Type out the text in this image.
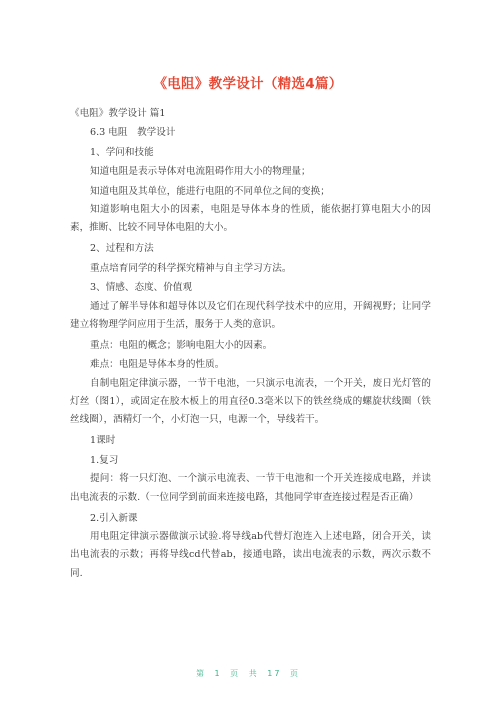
《电阻》教学设计（精选4篇）

《电阻》教学设计 篇1

6.3 电阻　教学设计

1、学问和技能

知道电阻是表示导体对电流阻碍作用大小的物理量；

知道电阻及其单位，能进行电阻的不同单位之间的变换；

知道影响电阻大小的因素，电阻是导体本身的性质，能依据打算电阻大小的因素，推断、比较不同导体电阻的大小。

2、过程和方法

重点培育同学的科学探究精神与自主学习方法。

3、情感、态度、价值观

通过了解半导体和超导体以及它们在现代科学技术中的应用，开阔视野；让同学建立将物理学问应用于生活，服务于人类的意识。

重点：电阻的概念；影响电阻大小的因素。

难点：电阻是导体本身的性质。

自制电阻定律演示器，一节干电池，一只演示电流表，一个开关，废日光灯管的灯丝（图1），或固定在胶木板上的用直径0.3毫米以下的铁丝绕成的螺旋状线圈（铁丝线圈），酒精灯一个，小灯泡一只，电源一个，导线若干。

1课时

1.复习

提问：将一只灯泡、一个演示电流表、一节干电池和一个开关连接成电路，并读出电流表的示数.（一位同学到前面来连接电路，其他同学审查连接过程是否正确）

2.引入新课

用电阻定律演示器做演示试验.将导线ab代替灯泡连入上述电路，闭合开关，读出电流表的示数；再将导线cd代替ab，接通电路，读出电流表的示数，两次示数不同.

第 1 页 共 17 页
